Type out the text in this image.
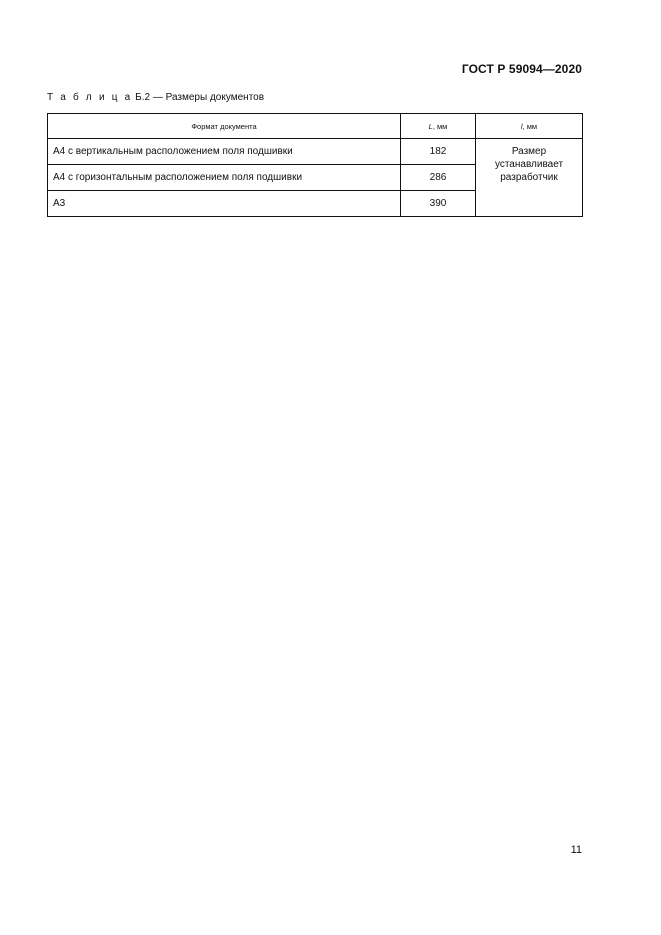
ГОСТ Р 59094—2020
Т а б л и ц а Б.2 — Размеры документов
Формат документа	L, мм	l, мм
А4 с вертикальным расположением поля подшивки	182	Размер
устанавливает
разработчик

А4 с горизонтальным расположением поля подшивки	286	
А3	390	
11
